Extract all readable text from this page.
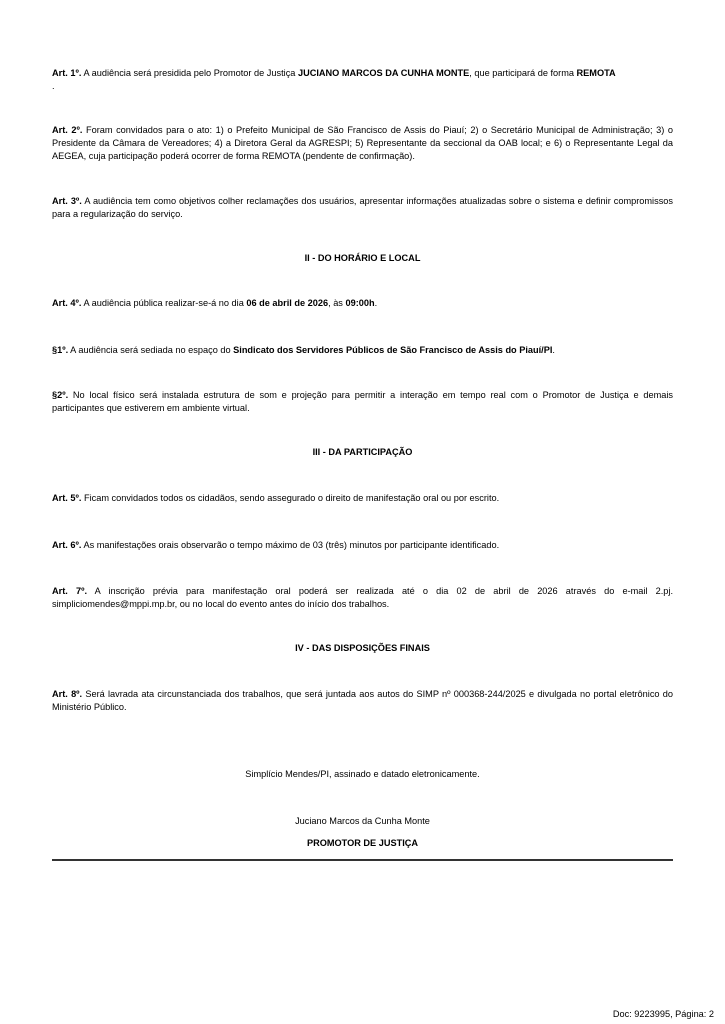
Art. 1º. A audiência será presidida pelo Promotor de Justiça JUCIANO MARCOS DA CUNHA MONTE, que participará de forma REMOTA
.
Art. 2º. Foram convidados para o ato: 1) o Prefeito Municipal de São Francisco de Assis do Piauí; 2) o Secretário Municipal de Administração; 3) o Presidente da Câmara de Vereadores; 4) a Diretora Geral da AGRESPI; 5) Representante da seccional da OAB local; e 6) o Representante Legal da AEGEA, cuja participação poderá ocorrer de forma REMOTA (pendente de confirmação).
Art. 3º. A audiência tem como objetivos colher reclamações dos usuários, apresentar informações atualizadas sobre o sistema e definir compromissos para a regularização do serviço.
II - DO HORÁRIO E LOCAL
Art. 4º. A audiência pública realizar-se-á no dia 06 de abril de 2026, às 09:00h.
§1º. A audiência será sediada no espaço do Sindicato dos Servidores Públicos de São Francisco de Assis do Piauí/PI.
§2º. No local físico será instalada estrutura de som e projeção para permitir a interação em tempo real com o Promotor de Justiça e demais participantes que estiverem em ambiente virtual.
III - DA PARTICIPAÇÃO
Art. 5º. Ficam convidados todos os cidadãos, sendo assegurado o direito de manifestação oral ou por escrito.
Art. 6º. As manifestações orais observarão o tempo máximo de 03 (três) minutos por participante identificado.
Art. 7º. A inscrição prévia para manifestação oral poderá ser realizada até o dia 02 de abril de 2026 através do e-mail 2.pj. simpliciomendes@mppi.mp.br, ou no local do evento antes do início dos trabalhos.
IV - DAS DISPOSIÇÕES FINAIS
Art. 8º. Será lavrada ata circunstanciada dos trabalhos, que será juntada aos autos do SIMP nº 000368-244/2025 e divulgada no portal eletrônico do Ministério Público.
Simplício Mendes/PI, assinado e datado eletronicamente.
Juciano Marcos da Cunha Monte
PROMOTOR DE JUSTIÇA
Doc: 9223995, Página: 2
